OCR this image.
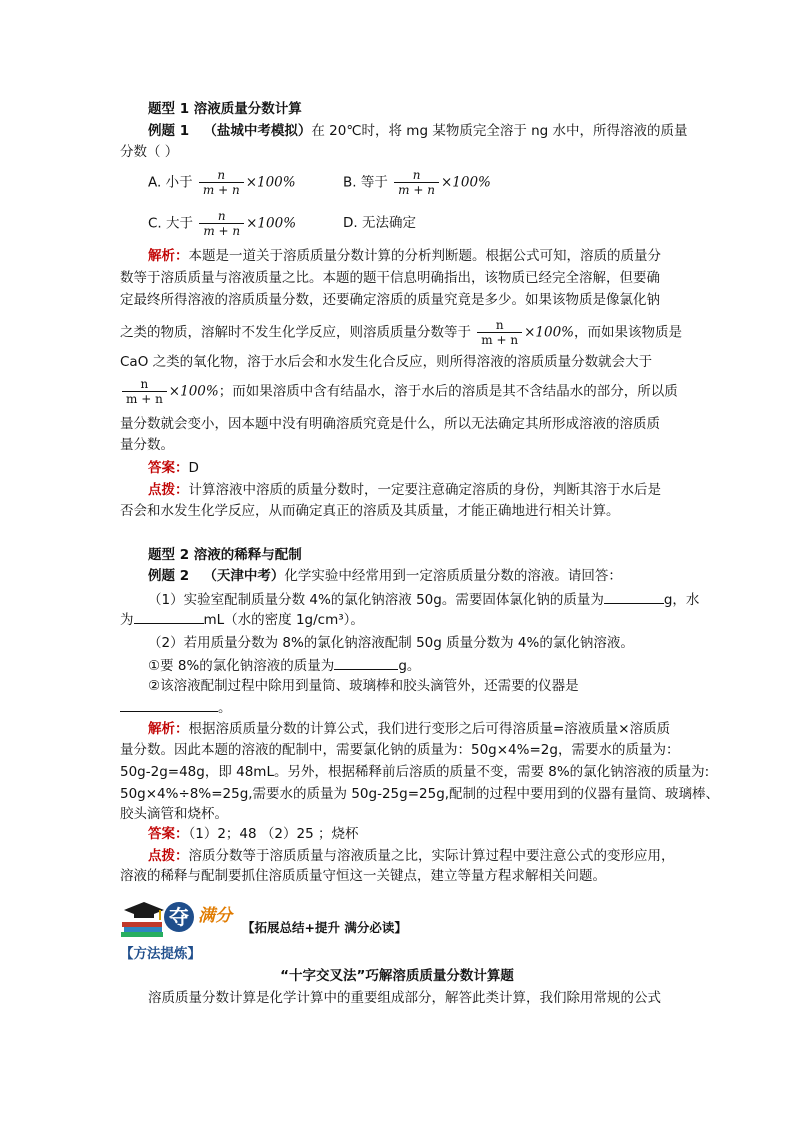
题型 1 溶液质量分数计算
例题 1 （盐城中考模拟）在 20℃时，将 mg 某物质完全溶于 ng 水中，所得溶液的质量
分数（ ）
A. 小于 $\frac{n}{m + n} \times 100\%$	B. 等于 $\frac{n}{m + n} \times 100\%$
C. 大于 $\frac{n}{m + n} \times 100\%$	D. 无法确定
解析：本题是一道关于溶质质量分数计算的分析判断题。根据公式可知，溶质的质量分
数等于溶质质量与溶液质量之比。本题的题干信息明确指出，该物质已经完全溶解，但要确
定最终所得溶液的溶质质量分数，还要确定溶质的质量究竟是多少。如果该物质是像氯化钠
之类的物质，溶解时不发生化学反应，则溶质质量分数等于 $\frac{n}{m + n} \times 100\%$，而如果该物质是
CaO 之类的氧化物，溶于水后会和水发生化合反应，则所得溶液的溶质质量分数就会大于
$\frac{n}{m + n} \times 100\%$；而如果溶质中含有结晶水，溶于水后的溶质是其不含结晶水的部分，所以质
量分数就会变小，因本题中没有明确溶质究竟是什么，所以无法确定其所形成溶液的溶质质
量分数。
答案：D
点拨：计算溶液中溶质的质量分数时，一定要注意确定溶质的身份，判断其溶于水后是
否会和水发生化学反应，从而确定真正的溶质及其质量，才能正确地进行相关计算。
题型 2 溶液的稀释与配制
例题 2 （天津中考）化学实验中经常用到一定溶质质量分数的溶液。请回答：
（1）实验室配制质量分数 4%的氯化钠溶液 50g。需要固体氯化钠的质量为	g，水
为	mL（水的密度 1g/cm³）。
（2）若用质量分数为 8%的氯化钠溶液配制 50g 质量分数为 4%的氯化钠溶液。
①要 8%的氯化钠溶液的质量为	g。
②该溶液配制过程中除用到量筒、玻璃棒和胶头滴管外，还需要的仪器是
。
解析：根据溶质质量分数的计算公式，我们进行变形之后可得溶质量=溶液质量×溶质质
量分数。因此本题的溶液的配制中，需要氯化钠的质量为：50g×4%=2g，需要水的质量为：
50g-2g=48g，即 48mL。另外，根据稀释前后溶质的质量不变，需要 8%的氯化钠溶液的质量为:
50g×4%÷8%=25g,需要水的质量为 50g-25g=25g,配制的过程中要用到的仪器有量筒、玻璃棒、
胶头滴管和烧杯。
答案：（1）2；48 （2）25 ；烧杯
点拨：溶质分数等于溶质质量与溶液质量之比，实际计算过程中要注意公式的变形应用，
溶液的稀释与配制要抓住溶质质量守恒这一关键点，建立等量方程求解相关问题。
夺 满分
【拓展总结+提升 满分必读】
【方法提炼】
“十字交叉法”巧解溶质质量分数计算题
溶质质量分数计算是化学计算中的重要组成部分，解答此类计算，我们除用常规的公式
